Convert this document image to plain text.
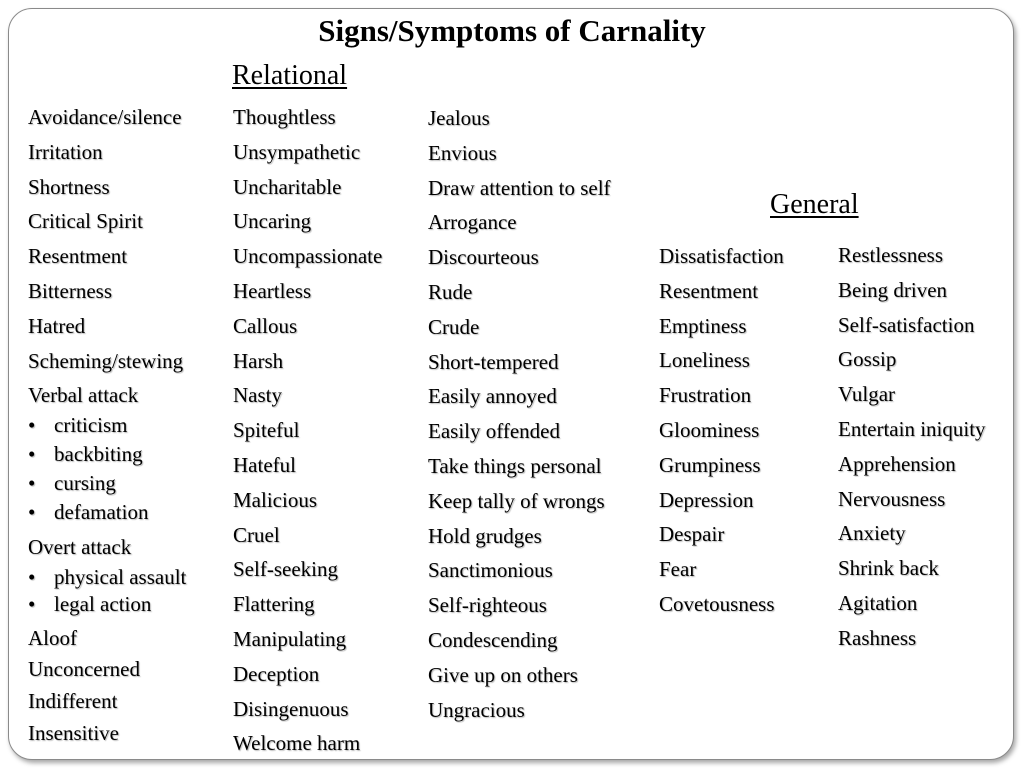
Signs/Symptoms of Carnality
Relational
General
Avoidance/silence
Irritation
Shortness
Critical Spirit
Resentment
Bitterness
Hatred
Scheming/stewing
Verbal attack
• criticism
• backbiting
• cursing
• defamation
Overt attack
• physical assault
• legal action
Aloof
Unconcerned
Indifferent
Insensitive
Thoughtless
Unsympathetic
Uncharitable
Uncaring
Uncompassionate
Heartless
Callous
Harsh
Nasty
Spiteful
Hateful
Malicious
Cruel
Self-seeking
Flattering
Manipulating
Deception
Disingenuous
Welcome harm
Jealous
Envious
Draw attention to self
Arrogance
Discourteous
Rude
Crude
Short-tempered
Easily annoyed
Easily offended
Take things personal
Keep tally of wrongs
Hold grudges
Sanctimonious
Self-righteous
Condescending
Give up on others
Ungracious
Dissatisfaction
Resentment
Emptiness
Loneliness
Frustration
Gloominess
Grumpiness
Depression
Despair
Fear
Covetousness
Restlessness
Being driven
Self-satisfaction
Gossip
Vulgar
Entertain iniquity
Apprehension
Nervousness
Anxiety
Shrink back
Agitation
Rashness
